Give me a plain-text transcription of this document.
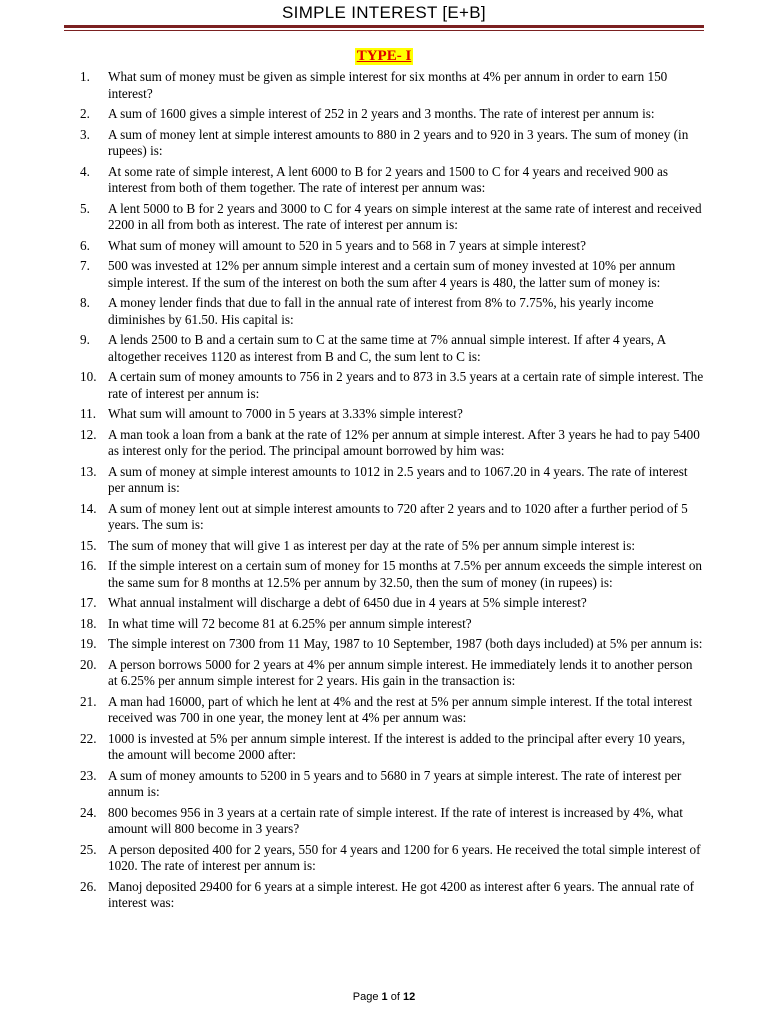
SIMPLE INTEREST [E+B]
TYPE- I
1.	What sum of money must be given as simple interest for six months at 4% per annum in order to earn 150 interest?
2.	A sum of 1600 gives a simple interest of 252 in 2 years and 3 months. The rate of interest per annum is:
3.	A sum of money lent at simple interest amounts to 880 in 2 years and to 920 in 3 years. The sum of money (in rupees) is:
4.	At some rate of simple interest, A lent 6000 to B for 2 years and 1500 to C for 4 years and received 900 as interest from both of them together. The rate of interest per annum was:
5.	A lent 5000 to B for 2 years and 3000 to C for 4 years on simple interest at the same rate of interest and received 2200 in all from both as interest. The rate of interest per annum is:
6.	What sum of money will amount to 520 in 5 years and to 568 in 7 years at simple interest?
7.	500 was invested at 12% per annum simple interest and a certain sum of money invested at 10% per annum simple interest. If the sum of the interest on both the sum after 4 years is 480, the latter sum of money is:
8.	A money lender finds that due to fall in the annual rate of interest from 8% to 7.75%, his yearly income diminishes by 61.50. His capital is:
9.	A lends 2500 to B and a certain sum to C at the same time at 7% annual simple interest. If after 4 years, A altogether receives 1120 as interest from B and C, the sum lent to C is:
10. A certain sum of money amounts to 756 in 2 years and to 873 in 3.5 years at a certain rate of simple interest. The rate of interest per annum is:
11. What sum will amount to 7000 in 5 years at 3.33% simple interest?
12. A man took a loan from a bank at the rate of 12% per annum at simple interest. After 3 years he had to pay 5400 as interest only for the period. The principal amount borrowed by him was:
13. A sum of money at simple interest amounts to 1012 in 2.5 years and to 1067.20 in 4 years. The rate of interest per annum is:
14. A sum of money lent out at simple interest amounts to 720 after 2 years and to 1020 after a further period of 5 years. The sum is:
15. The sum of money that will give 1 as interest per day at the rate of 5% per annum simple interest is:
16. If the simple interest on a certain sum of money for 15 months at 7.5% per annum exceeds the simple interest on the same sum for 8 months at 12.5% per annum by 32.50, then the sum of money (in rupees) is:
17. What annual instalment will discharge a debt of 6450 due in 4 years at 5% simple interest?
18. In what time will 72 become 81 at 6.25% per annum simple interest?
19. The simple interest on 7300 from 11 May, 1987 to 10 September, 1987 (both days included) at 5% per annum is:
20. A person borrows 5000 for 2 years at 4% per annum simple interest. He immediately lends it to another person at 6.25% per annum simple interest for 2 years. His gain in the transaction is:
21. A man had 16000, part of which he lent at 4% and the rest at 5% per annum simple interest. If the total interest received was 700 in one year, the money lent at 4% per annum was:
22. 1000 is invested at 5% per annum simple interest. If the interest is added to the principal after every 10 years, the amount will become 2000 after:
23. A sum of money amounts to 5200 in 5 years and to 5680 in 7 years at simple interest. The rate of interest per annum is:
24. 800 becomes 956 in 3 years at a certain rate of simple interest. If the rate of interest is increased by 4%, what amount will 800 become in 3 years?
25. A person deposited 400 for 2 years, 550 for 4 years and 1200 for 6 years. He received the total simple interest of 1020. The rate of interest per annum is:
26. Manoj deposited 29400 for 6 years at a simple interest. He got 4200 as interest after 6 years. The annual rate of interest was:
Page 1 of 12
